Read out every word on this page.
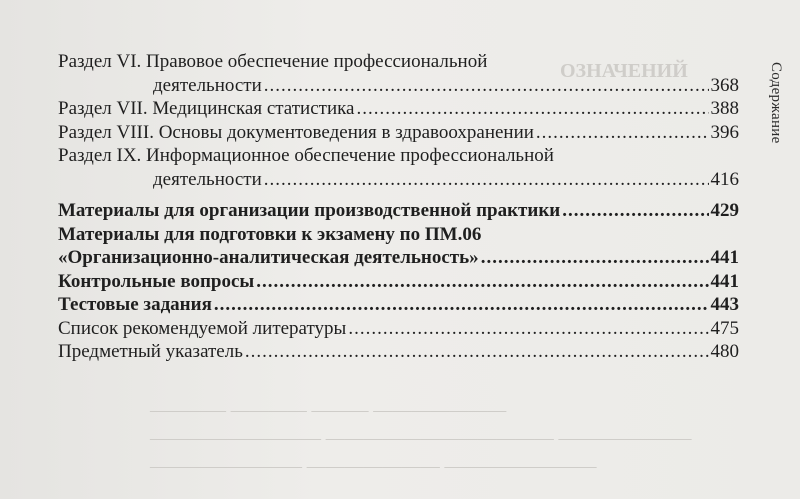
ОЗНАЧЕНИЙ
———— ———— ——— ———————
————————— ———————————— ———————
———————— ——————— ————————
Содержание
Раздел VI. Правовое обеспечение профессиональной
деятельности .....	368
Раздел VII. Медицинская статистика .....	388
Раздел VIII. Основы документоведения в здравоохранении .....	396
Раздел IX. Информационное обеспечение профессиональной
деятельности .....	416
Материалы для организации производственной практики .....	429
Материалы для подготовки к экзамену по ПМ.06
«Организационно-аналитическая деятельность» .....	441
Контрольные вопросы .....	441
Тестовые задания .....	443
Список рекомендуемой литературы .....	475
Предметный указатель .....	480
